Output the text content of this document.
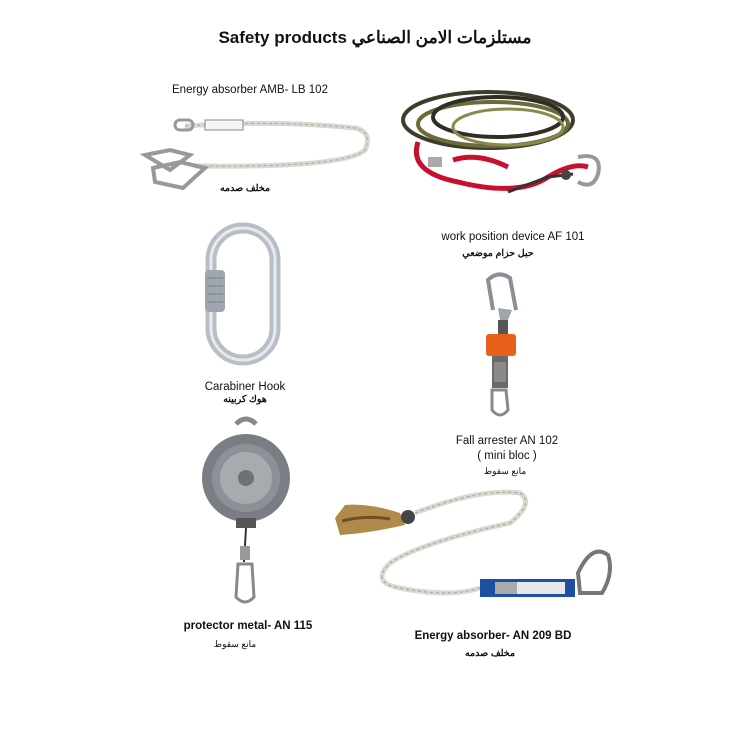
Safety products مستلزمات الامن الصناعي
Energy absorber AMB- LB 102
مخلف صدمه
work position device AF 101
حبل حزام موضعي
Carabiner Hook
هوك كربينه
Fall arrester AN 102
( mini bloc )
مانع سقوط
protector metal- AN 115
مانع سقوط
Energy absorber- AN 209 BD
مخلف صدمه
